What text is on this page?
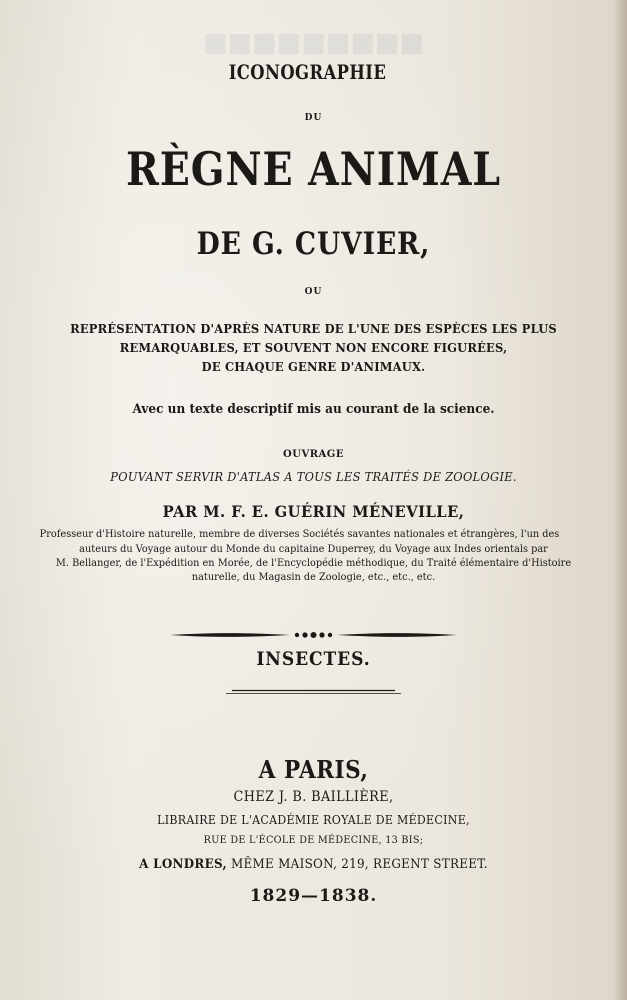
■■■■■■■■■

ICONOGRAPHIE

DU

RÈGNE ANIMAL

DE G. CUVIER,

OU

REPRÉSENTATION D'APRÈS NATURE DE L'UNE DES ESPÈCES LES PLUS

REMARQUABLES, ET SOUVENT NON ENCORE FIGURÉES,

DE CHAQUE GENRE D'ANIMAUX.

Avec un texte descriptif mis au courant de la science.

OUVRAGE

POUVANT SERVIR D'ATLAS A TOUS LES TRAITÉS DE ZOOLOGIE.

PAR M. F. E. GUÉRIN MÉNEVILLE,

Professeur d'Histoire naturelle, membre de diverses Sociétés savantes nationales et étrangères, l'un des

auteurs du Voyage autour du Monde du capitaine Duperrey, du Voyage aux Indes orientals par

M. Bellanger, de l'Expédition en Morée, de l'Encyclopédie méthodique, du Traité élémentaire d'Histoire

naturelle, du Magasin de Zoologie, etc., etc., etc.

INSECTES.

A PARIS,

CHEZ J. B. BAILLIÈRE,

LIBRAIRE DE L'ACADÉMIE ROYALE DE MÉDECINE,

RUE DE L'ÉCOLE DE MÉDECINE, 13 BIS;

A LONDRES, MÊME MAISON, 219, REGENT STREET.

1829—1838.
